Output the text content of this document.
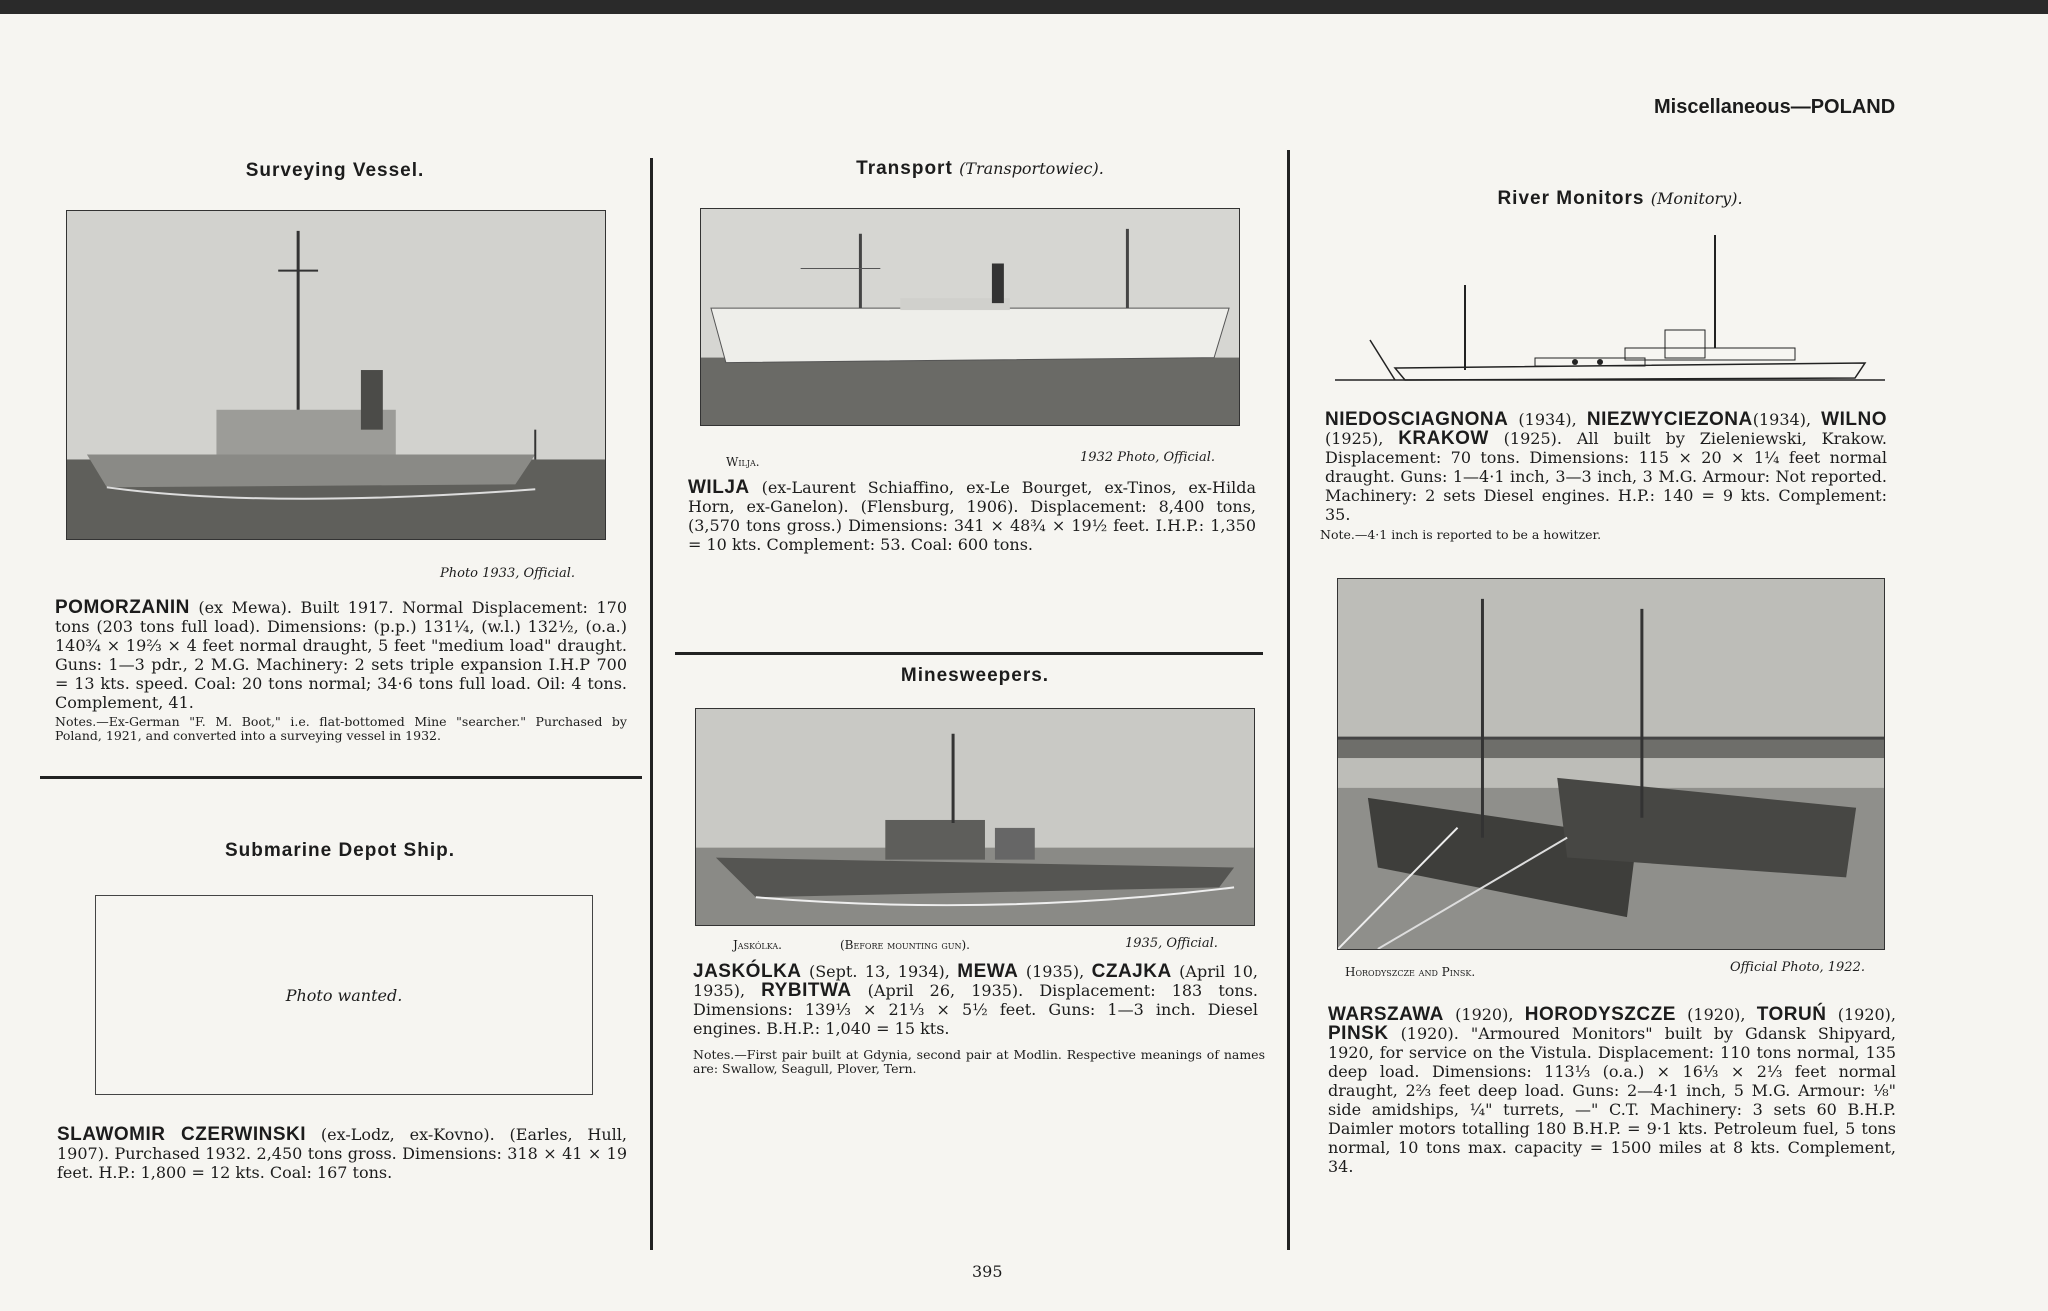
Miscellaneous—POLAND
Surveying Vessel.
Photo 1933, Official.
POMORZANIN (ex Mewa). Built 1917. Normal Displacement: 170 tons (203 tons full load). Dimensions: (p.p.) 131¼, (w.l.) 132½, (o.a.) 140¾ × 19⅔ × 4 feet normal draught, 5 feet "medium load" draught. Guns: 1—3 pdr., 2 M.G. Machinery: 2 sets triple expansion I.H.P 700 = 13 kts. speed. Coal: 20 tons normal; 34·6 tons full load. Oil: 4 tons. Complement, 41.
Notes.—Ex-German "F. M. Boot," i.e. flat-bottomed Mine "searcher." Purchased by Poland, 1921, and converted into a surveying vessel in 1932.
Submarine Depot Ship.
Photo wanted.
SLAWOMIR CZERWINSKI (ex-Lodz, ex-Kovno). (Earles, Hull, 1907). Purchased 1932. 2,450 tons gross. Dimensions: 318 × 41 × 19 feet. H.P.: 1,800 = 12 kts. Coal: 167 tons.
Transport (Transportowiec).
Wilja.	1932 Photo, Official.
WILJA (ex-Laurent Schiaffino, ex-Le Bourget, ex-Tinos, ex-Hilda Horn, ex-Ganelon). (Flensburg, 1906). Displacement: 8,400 tons, (3,570 tons gross.) Dimensions: 341 × 48¾ × 19½ feet. I.H.P.: 1,350 = 10 kts. Complement: 53. Coal: 600 tons.
Minesweepers.
Jaskólka.	(Before mounting gun).	1935, Official.
JASKÓLKA (Sept. 13, 1934), MEWA (1935), CZAJKA (April 10, 1935), RYBITWA (April 26, 1935). Displacement: 183 tons. Dimensions: 139⅓ × 21⅓ × 5½ feet. Guns: 1—3 inch. Diesel engines. B.H.P.: 1,040 = 15 kts.
Notes.—First pair built at Gdynia, second pair at Modlin. Respective meanings of names are: Swallow, Seagull, Plover, Tern.
395
River Monitors (Monitory).
NIEDOSCIAGNONA (1934), NIEZWYCIEZONA(1934), WILNO (1925), KRAKOW (1925). All built by Zieleniewski, Krakow. Displacement: 70 tons. Dimensions: 115 × 20 × 1¼ feet normal draught. Guns: 1—4·1 inch, 3—3 inch, 3 M.G. Armour: Not reported. Machinery: 2 sets Diesel engines. H.P.: 140 = 9 kts. Complement: 35.
Note.—4·1 inch is reported to be a howitzer.
Horodyszcze and Pinsk.	Official Photo, 1922.
WARSZAWA (1920), HORODYSZCZE (1920), TORUŃ (1920), PINSK (1920). "Armoured Monitors" built by Gdansk Shipyard, 1920, for service on the Vistula. Displacement: 110 tons normal, 135 deep load. Dimensions: 113⅓ (o.a.) × 16⅓ × 2⅓ feet normal draught, 2⅔ feet deep load. Guns: 2—4·1 inch, 5 M.G. Armour: ⅛" side amidships, ¼" turrets, —" C.T. Machinery: 3 sets 60 B.H.P. Daimler motors totalling 180 B.H.P. = 9·1 kts. Petroleum fuel, 5 tons normal, 10 tons max. capacity = 1500 miles at 8 kts. Complement, 34.
